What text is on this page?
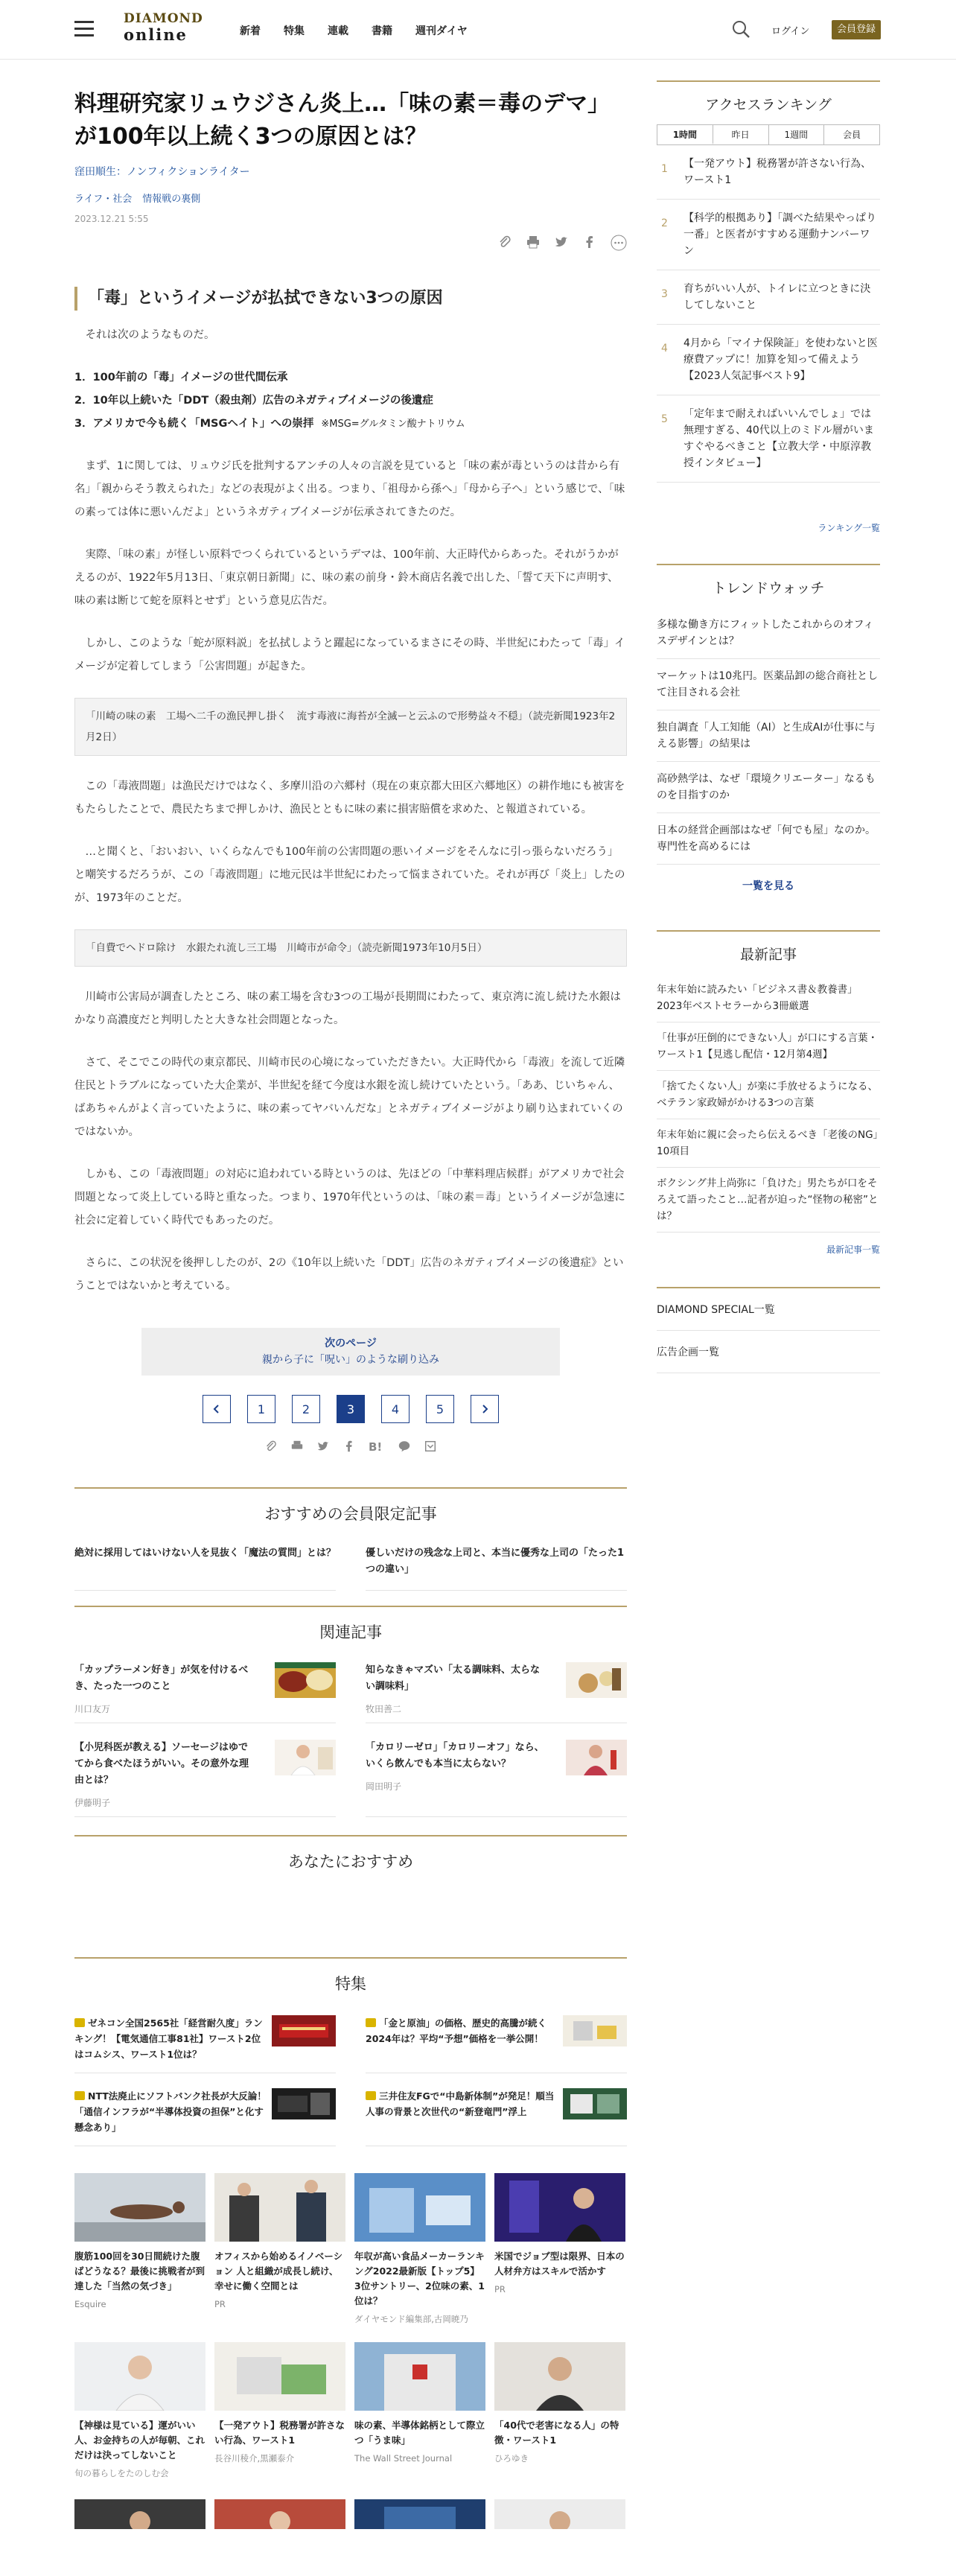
DIAMOND
online	新着 特集 連載 書籍 週刊ダイヤ	ログイン	会員登録
料理研究家リュウジさん炎上…「味の素＝毒のデマ」が100年以上続く3つの原因とは？
窪田順生：ノンフィクションライター
ライフ・社会 情報戦の裏側
2023.12.21 5:55
「毒」というイメージが払拭できない3つの原因

それは次のようなものだ。

1．100年前の「毒」イメージの世代間伝承
2．10年以上続いた「DDT（殺虫剤）広告のネガティブイメージの後遺症
3．アメリカで今も続く「MSGヘイト」への崇拝 ※MSG=グルタミン酸ナトリウム

まず、1に関しては、リュウジ氏を批判するアンチの人々の言説を見ていると「味の素が毒というのは昔から有名」「親からそう教えられた」などの表現がよく出る。つまり、「祖母から孫へ」「母から子へ」という感じで、「味の素っては体に悪いんだよ」というネガティブイメージが伝承されてきたのだ。

実際、「味の素」が怪しい原料でつくられているというデマは、100年前、大正時代からあった。それがうかがえるのが、1922年5月13日、「東京朝日新聞」に、味の素の前身・鈴木商店名義で出した、「誓て天下に声明す、味の素は断じて蛇を原料とせず」という意見広告だ。

しかし、このような「蛇が原料説」を払拭しようと躍起になっているまさにその時、半世紀にわたって「毒」イメージが定着してしまう「公害問題」が起きた。

「川崎の味の素　工場へ二千の漁民押し掛く　流す毒液に海苔が全滅ーと云ふので形勢益々不穏」（読売新聞1923年2月2日）

この「毒液問題」は漁民だけではなく、多摩川沿の六郷村（現在の東京都大田区六郷地区）の耕作地にも被害をもたらしたことで、農民たちまで押しかけ、漁民とともに味の素に損害賠償を求めた、と報道されている。

…と聞くと、「おいおい、いくらなんでも100年前の公害問題の悪いイメージをそんなに引っ張らないだろう」と嘲笑するだろうが、この「毒液問題」に地元民は半世紀にわたって悩まされていた。それが再び「炎上」したのが、1973年のことだ。

「自費でヘドロ除け　水銀たれ流し三工場　川崎市が命令」（読売新聞1973年10月5日）

川崎市公害局が調査したところ、味の素工場を含む3つの工場が長期間にわたって、東京湾に流し続けた水銀はかなり高濃度だと判明したと大きな社会問題となった。

さて、そこでこの時代の東京都民、川崎市民の心境になっていただきたい。大正時代から「毒液」を流して近隣住民とトラブルになっていた大企業が、半世紀を経て今度は水銀を流し続けていたという。「ああ、じいちゃん、ばあちゃんがよく言っていたように、味の素ってヤバいんだな」とネガティブイメージがより刷り込まれていくのではないか。

しかも、この「毒液問題」の対応に追われている時というのは、先ほどの「中華料理店候群」がアメリカで社会問題となって炎上している時と重なった。つまり、1970年代というのは、「味の素＝毒」というイメージが急速に社会に定着していく時代でもあったのだ。

さらに、この状況を後押ししたのが、2の《10年以上続いた「DDT」広告のネガティブイメージの後遺症》ということではないかと考えている。

次のページ
親から子に「呪い」のような刷り込み
1	2	3	4	5
B!
おすすめの会員限定記事
絶対に採用してはいけない人を見抜く「魔法の質問」とは？	優しいだけの残念な上司と、本当に優秀な上司の「たった1つの違い」
関連記事
「カップラーメン好き」が気を付けるべき、たった一つのこと
川口友万
知らなきゃマズい「太る調味料、太らない調味料」
牧田善二
【小児科医が教える】ソーセージはゆでてから食べたほうがいい。その意外な理由とは？
伊藤明子
「カロリーゼロ」「カロリーオフ」なら、いくら飲んでも本当に太らない？
岡田明子
あなたにおすすめ
特集
ゼネコン全国2565社「経営耐久度」ランキング！【電気通信工事81社】ワースト2位はコムシス、ワースト1位は？
「金と原油」の価格、歴史的高騰が続く2024年は？平均“予想”価格を一挙公開！
NTT法廃止にソフトバンク社長が大反論！「通信インフラが“半導体投資の担保”と化す懸念あり」
三井住友FGで“中島新体制”が発足！順当人事の背景と次世代の“新登竜門”浮上
腹筋100回を30日間続けた腹ばどうなる？最後に挑戦者が到達した「当然の気づき」
Esquire
オフィスから始めるイノベーション 人と組織が成長し続け、幸せに働く空間とは
PR
年収が高い食品メーカーランキング2022最新版【トップ5】3位サントリー、2位味の素、1位は？
ダイヤモンド編集部,古岡暁乃
米国でジョブ型は限界、日本の人材弁方はスキルで活かす
PR
【神様は見ている】運がいい人、お金持ちの人が毎朝、これだけは決ってしないこと
旬の暮らしをたのしむ会
【一発アウト】税務署が許さない行為、ワースト1
長谷川稜介,黒瀬泰介
味の素、半導体銘柄として際立つ「うま味」
The Wall Street Journal
「40代で老害になる人」の特徴・ワースト1
ひろゆき
アクセスランキング
1時間	昨日	1週間	会員
1	【一発アウト】税務署が許さない行為、ワースト1
2	【科学的根拠あり】「調べた結果やっぱり一番」と医者がすすめる運動ナンバーワン
3	育ちがいい人が、トイレに立つときに決してしないこと
4	4月から「マイナ保険証」を使わないと医療費アップに！加算を知って備えよう【2023人気記事ベスト9】
5	「定年まで耐えればいいんでしょ」では無理すぎる、40代以上のミドル層がいますぐやるべきこと【立教大学・中原淳教授インタビュー】
ランキング一覧
トレンドウォッチ
多様な働き方にフィットしたこれからのオフィスデザインとは？
マーケットは10兆円。医薬品卸の総合商社として注目される会社
独自調査「人工知能（AI）と生成AIが仕事に与える影響」の結果は
高砂熱学は、なぜ「環境クリエーター」なるものを目指すのか
日本の経営企画部はなぜ「何でも屋」なのか。専門性を高めるには
一覧を見る
最新記事
年末年始に読みたい「ビジネス書＆教養書」2023年ベストセラーから3冊厳選
「仕事が圧倒的にできない人」が口にする言葉・ワースト1【見逃し配信・12月第4週】
「捨てたくない人」が楽に手放せるようになる、ベテラン家政婦がかける3つの言葉
年末年始に親に会ったら伝えるべき「老後のNG」10項目
ボクシング井上尚弥に「負けた」男たちが口をそろえて語ったこと…記者が迫った“怪物の秘密”とは？
最新記事一覧
DIAMOND SPECIAL一覧
広告企画一覧
